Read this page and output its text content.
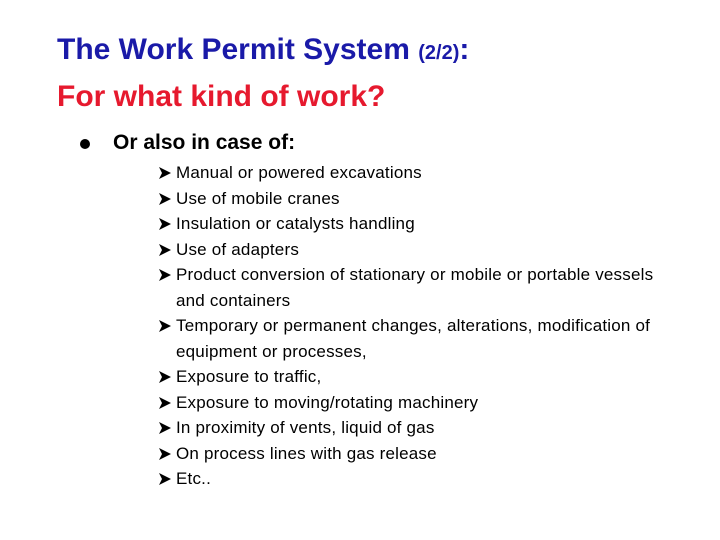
The Work Permit System (2/2):
For what kind of work?
Or also in case of:
Manual or powered excavations
Use of mobile cranes
Insulation or catalysts handling
Use of adapters
Product conversion of stationary or mobile or portable vessels and containers
Temporary or permanent changes, alterations, modification of equipment or processes,
Exposure to traffic,
Exposure to moving/rotating machinery
In proximity of vents, liquid of gas
On process lines with gas release
Etc..
